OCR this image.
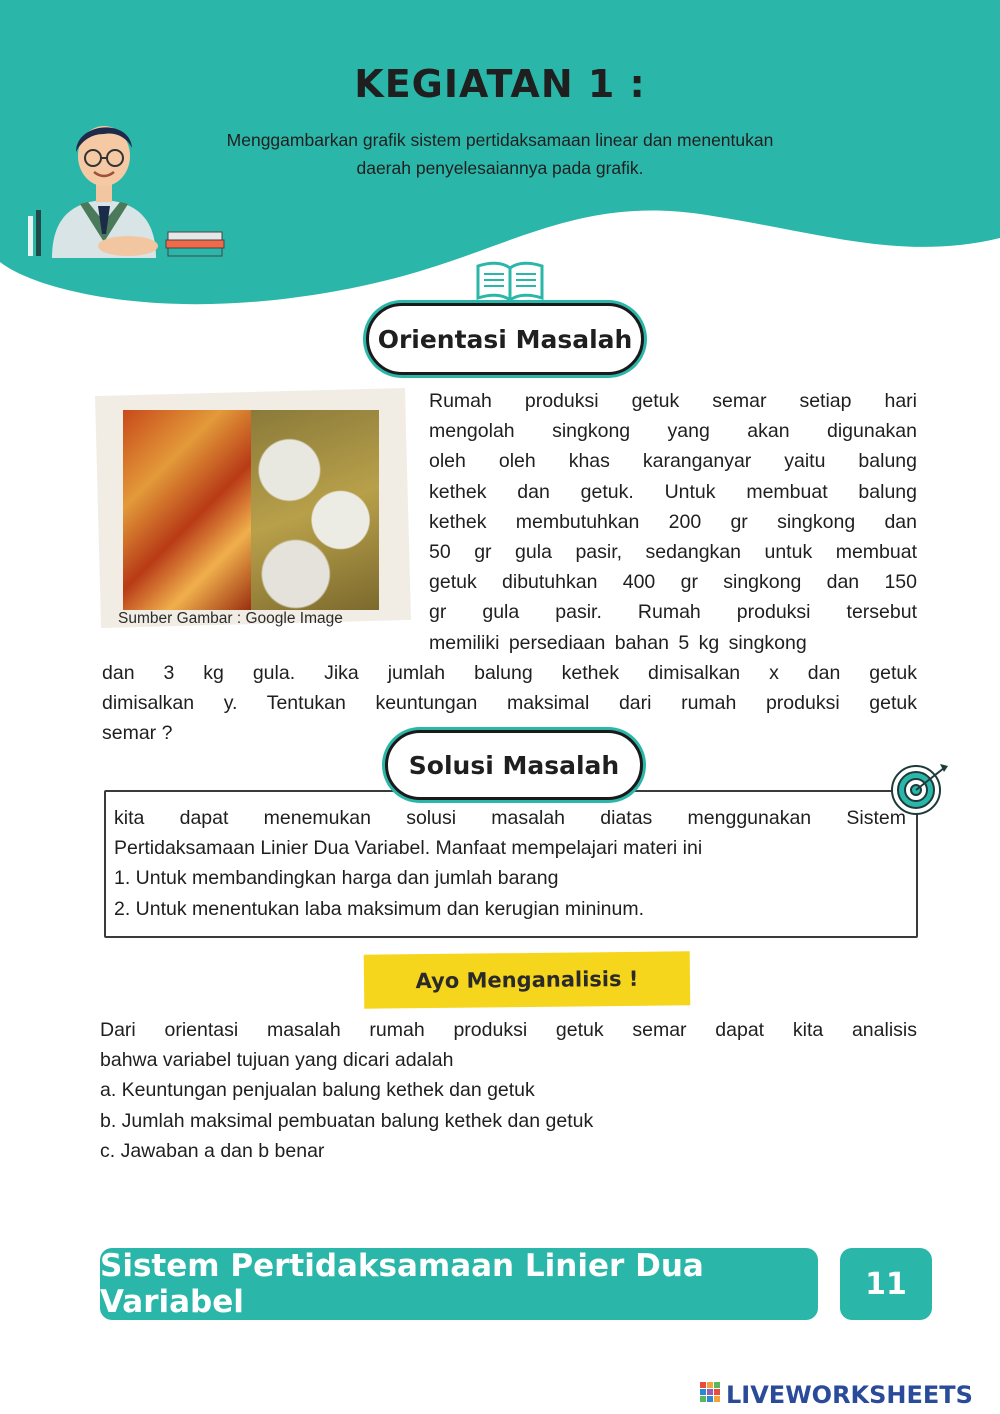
KEGIATAN 1 :
Menggambarkan grafik sistem pertidaksamaan linear dan menentukan
daerah penyelesaiannya pada grafik.
Orientasi Masalah
Sumber Gambar : Google Image
Rumah produksi getuk semar setiap hari
mengolah singkong yang akan digunakan
oleh oleh khas karanganyar yaitu balung
kethek dan getuk. Untuk membuat balung
kethek membutuhkan 200 gr singkong dan
50 gr gula pasir, sedangkan untuk membuat
getuk dibutuhkan 400 gr singkong dan 150
gr gula pasir. Rumah produksi tersebut
memiliki persediaan bahan 5 kg singkong
dan 3 kg gula. Jika jumlah balung kethek dimisalkan x dan getuk
dimisalkan y. Tentukan keuntungan maksimal dari rumah produksi getuk
semar ?
Solusi Masalah
kita dapat menemukan solusi masalah diatas menggunakan Sistem
Pertidaksamaan Linier Dua Variabel. Manfaat mempelajari materi ini
1. Untuk membandingkan harga dan jumlah barang
2. Untuk menentukan laba maksimum dan kerugian mininum.
Ayo Menganalisis !
Dari orientasi masalah rumah produksi getuk semar dapat kita analisis
bahwa variabel tujuan yang dicari adalah
a. Keuntungan penjualan balung kethek dan getuk
b. Jumlah maksimal pembuatan balung kethek dan getuk
c. Jawaban a dan b benar
Sistem Pertidaksamaan Linier Dua Variabel	11
LIVEWORKSHEETS
